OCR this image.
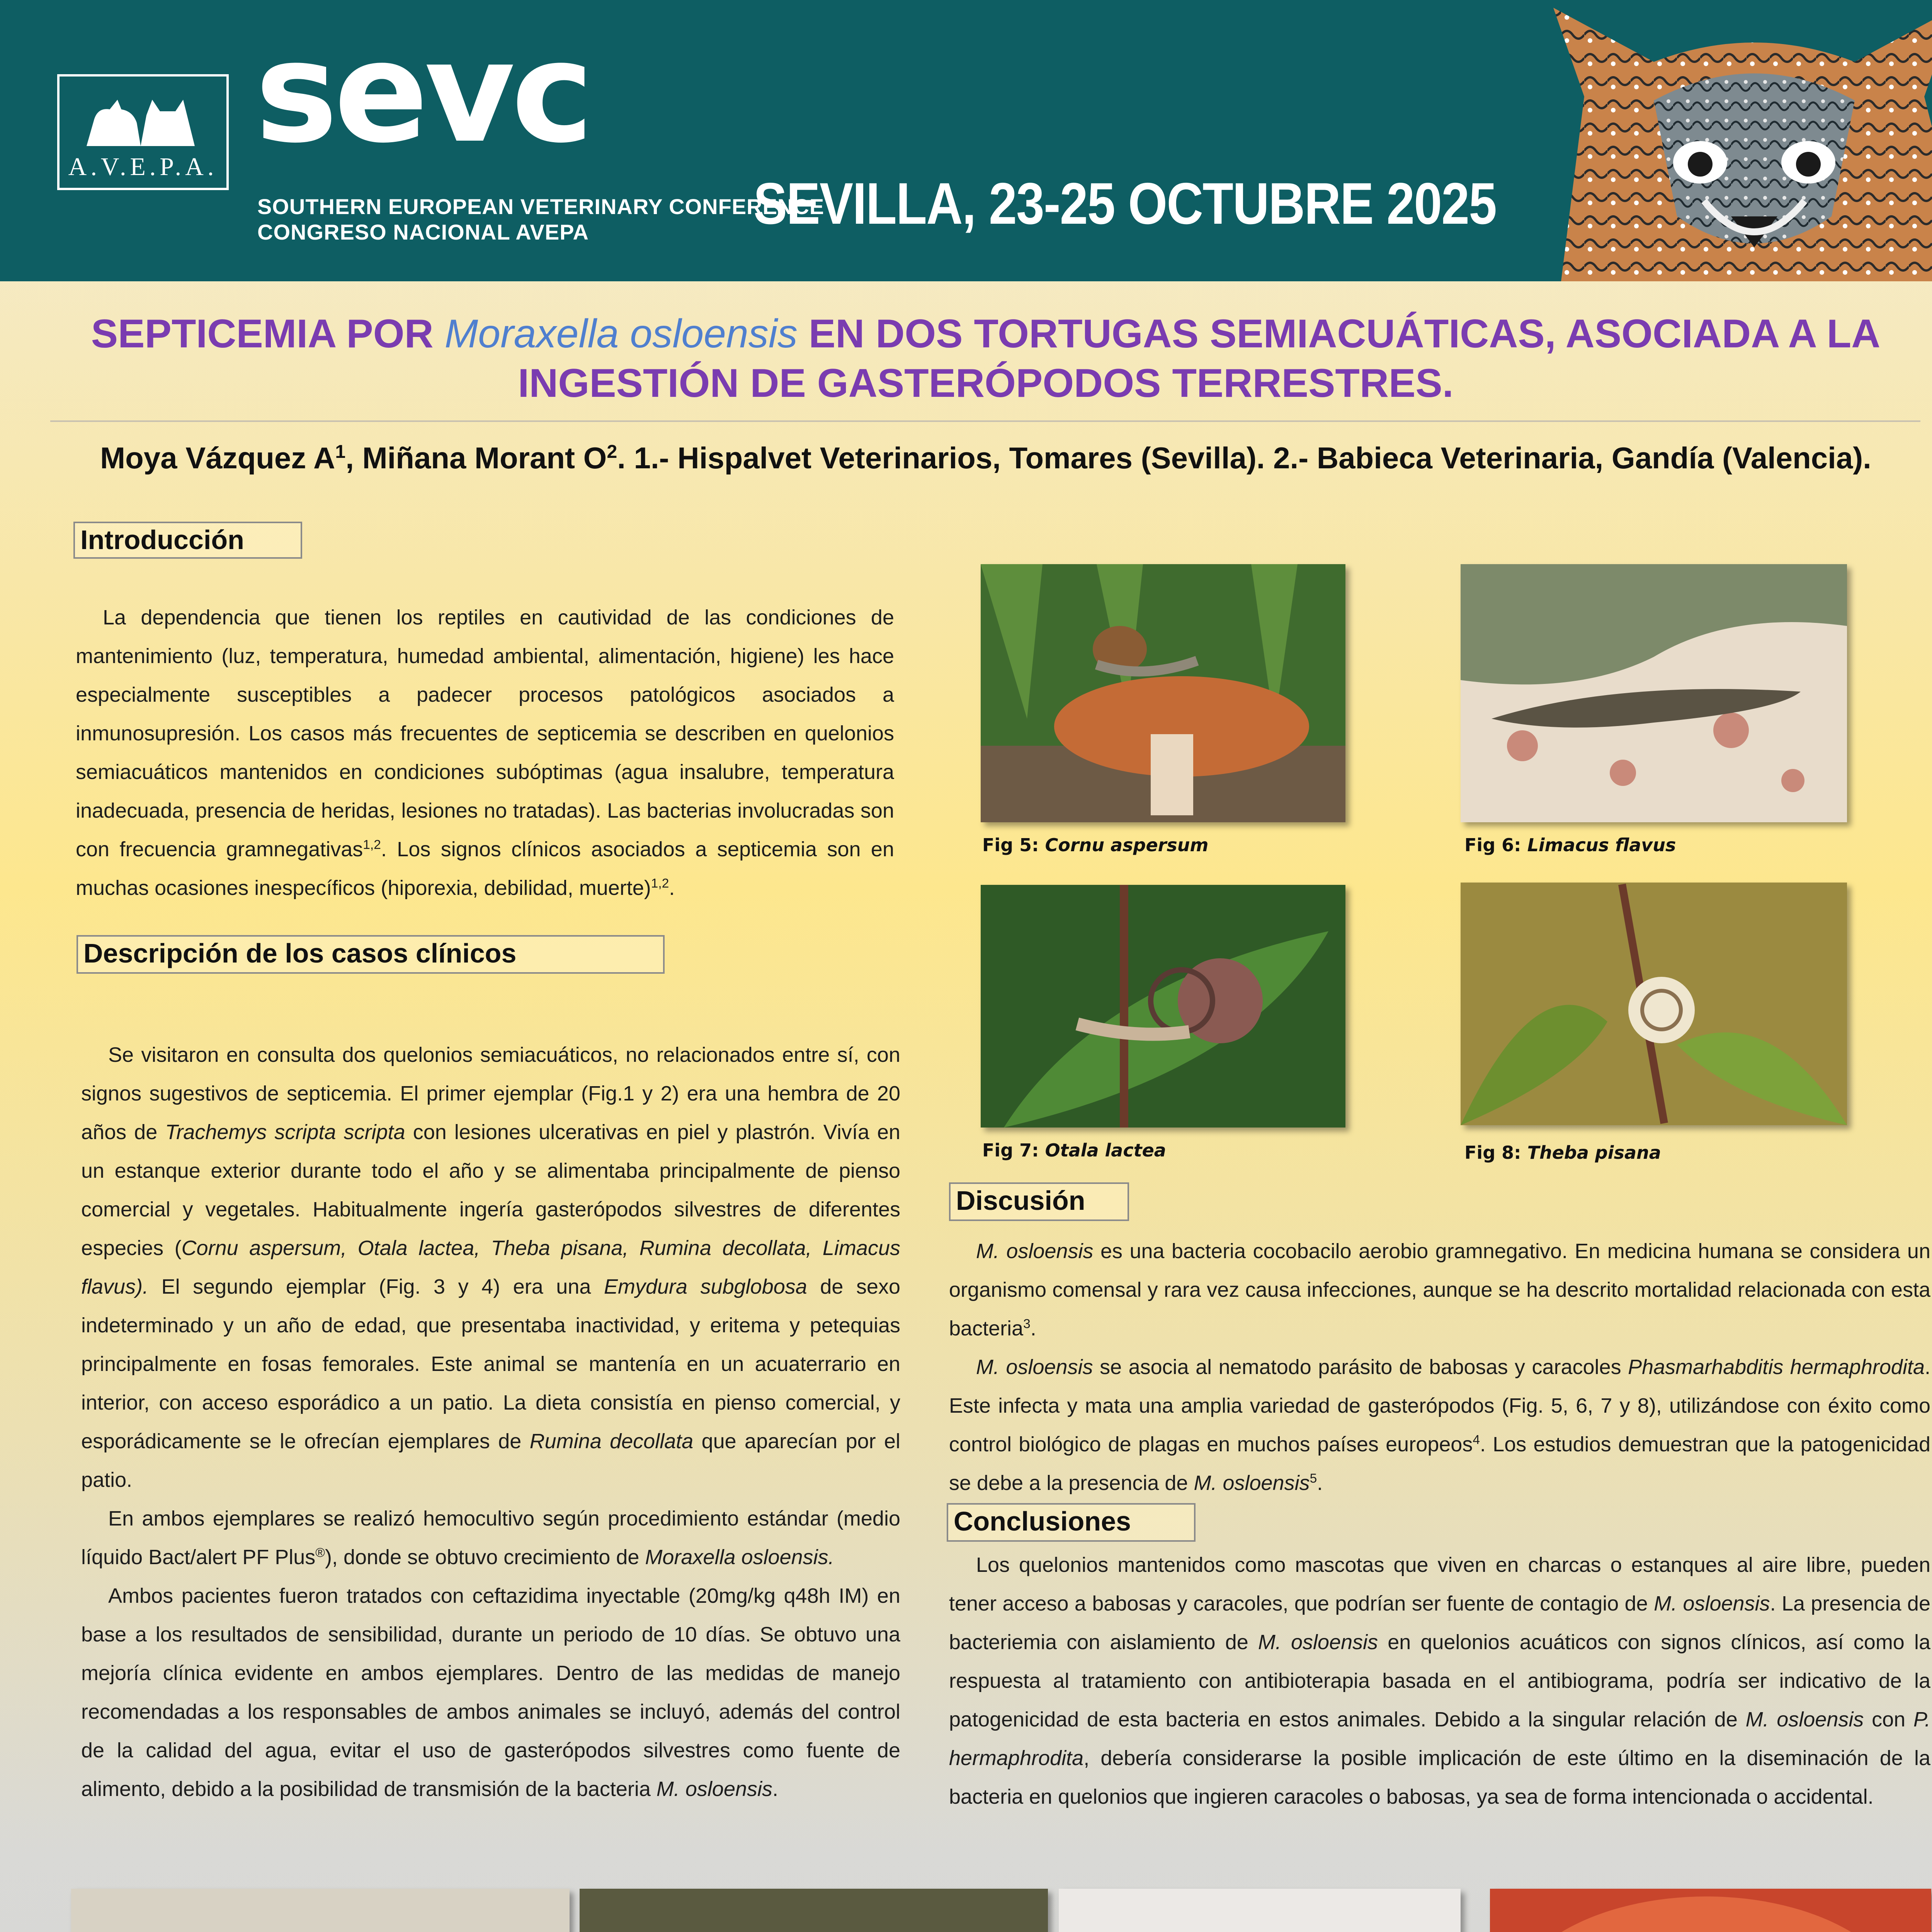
A.V.E.P.A. sevc
SOUTHERN EUROPEAN VETERINARY CONFERENCE
CONGRESO NACIONAL AVEPA	SEVILLA, 23-25 OCTUBRE 2025
SEPTICEMIA POR Moraxella osloensis EN DOS TORTUGAS SEMIACUÁTICAS, ASOCIADA A LA
INGESTIÓN DE GASTERÓPODOS TERRESTRES.
Moya Vázquez $A^1$, Miñana Morant $O^2$. 1.- Hispalvet Veterinarios, Tomares (Sevilla). 2.- Babieca Veterinaria, Gandía (Valencia).
Introducción

La dependencia que tienen los reptiles en cautividad de las condiciones de mantenimiento (luz, temperatura, humedad ambiental, alimentación, higiene) les hace especialmente susceptibles a padecer procesos patológicos asociados a inmunosupresión. Los casos más frecuentes de septicemia se describen en quelonios semiacuáticos mantenidos en condiciones subóptimas (agua insalubre, temperatura inadecuada, presencia de heridas, lesiones no tratadas). Las bacterias involucradas son con frecuencia gramnegativas$^{1,2}$. Los signos clínicos asociados a septicemia son en muchas ocasiones inespecíficos (hiporexia, debilidad, muerte)$^{1,2}$.

Descripción de los casos clínicos

Se visitaron en consulta dos quelonios semiacuáticos, no relacionados entre sí, con signos sugestivos de septicemia. El primer ejemplar (Fig.1 y 2) era una hembra de 20 años de Trachemys scripta scripta con lesiones ulcerativas en piel y plastrón. Vivía en un estanque exterior durante todo el año y se alimentaba principalmente de pienso comercial y vegetales. Habitualmente ingería gasterópodos silvestres de diferentes especies (Cornu aspersum, Otala lactea, Theba pisana, Rumina decollata, Limacus flavus). El segundo ejemplar (Fig. 3 y 4) era una Emydura subglobosa de sexo indeterminado y un año de edad, que presentaba inactividad, y eritema y petequias principalmente en fosas femorales. Este animal se mantenía en un acuaterrario en interior, con acceso esporádico a un patio. La dieta consistía en pienso comercial, y esporádicamente se le ofrecían ejemplares de Rumina decollata que aparecían por el patio.

En ambos ejemplares se realizó hemocultivo según procedimiento estándar (medio líquido Bact/alert PF Plus®), donde se obtuvo crecimiento de Moraxella osloensis.

Ambos pacientes fueron tratados con ceftazidima inyectable (20mg/kg q48h IM) en base a los resultados de sensibilidad, durante un periodo de 10 días. Se obtuvo una mejoría clínica evidente en ambos ejemplares. Dentro de las medidas de manejo recomendadas a los responsables de ambos animales se incluyó, además del control de la calidad del agua, evitar el uso de gasterópodos silvestres como fuente de alimento, debido a la posibilidad de transmisión de la bacteria M. osloensis.

Fig 5: Cornu aspersum	Fig 6: Limacus flavus
Fig 7: Otala lactea	Fig 8: Theba pisana
Discusión

M. osloensis es una bacteria cocobacilo aerobio gramnegativo. En medicina humana se considera un organismo comensal y rara vez causa infecciones, aunque se ha descrito mortalidad relacionada con esta bacteria$^3$.

M. osloensis se asocia al nematodo parásito de babosas y caracoles Phasmarhabditis hermaphrodita. Este infecta y mata una amplia variedad de gasterópodos (Fig. 5, 6, 7 y 8), utilizándose con éxito como control biológico de plagas en muchos países europeos$^4$. Los estudios demuestran que la patogenicidad se debe a la presencia de M. osloensis$^5$.

Conclusiones

Los quelonios mantenidos como mascotas que viven en charcas o estanques al aire libre, pueden tener acceso a babosas y caracoles, que podrían ser fuente de contagio de M. osloensis. La presencia de bacteriemia con aislamiento de M. osloensis en quelonios acuáticos con signos clínicos, así como la respuesta al tratamiento con antibioterapia basada en el antibiograma, podría ser indicativo de la patogenicidad de esta bacteria en estos animales. Debido a la singular relación de M. osloensis con P. hermaphrodita, debería considerarse la posible implicación de este último en la diseminación de la bacteria en quelonios que ingieren caracoles o babosas, ya sea de forma intencionada o accidental.
